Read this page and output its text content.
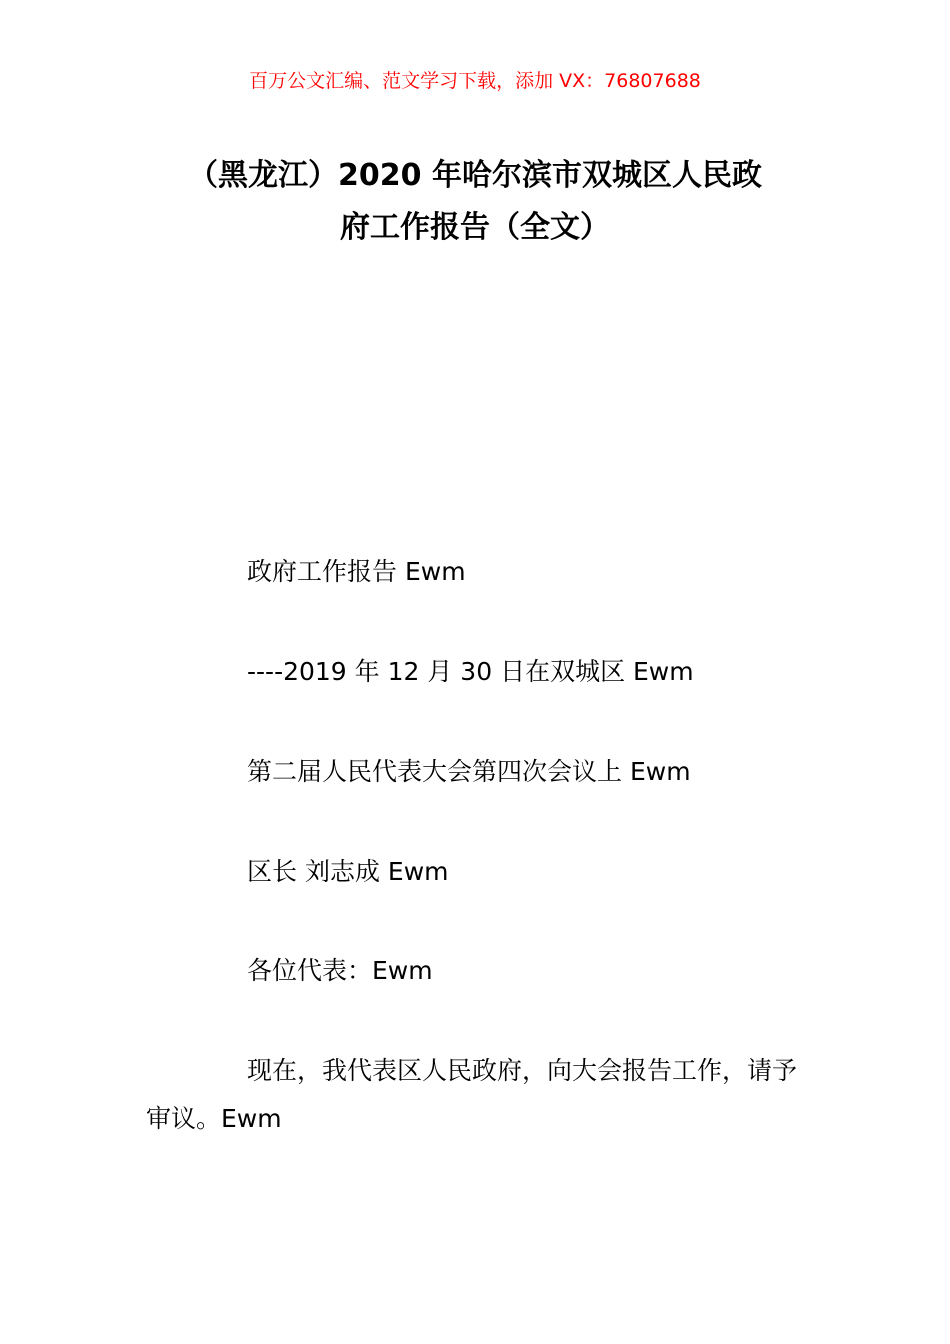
百万公文汇编、范文学习下载，添加 VX：76807688
（黑龙江）2020 年哈尔滨市双城区人民政
府工作报告（全文）

政府工作报告 Ewm

----2019 年 12 月 30 日在双城区 Ewm

第二届人民代表大会第四次会议上 Ewm

区长 刘志成 Ewm

各位代表：Ewm

现在，我代表区人民政府，向大会报告工作，请予审议。Ewm
